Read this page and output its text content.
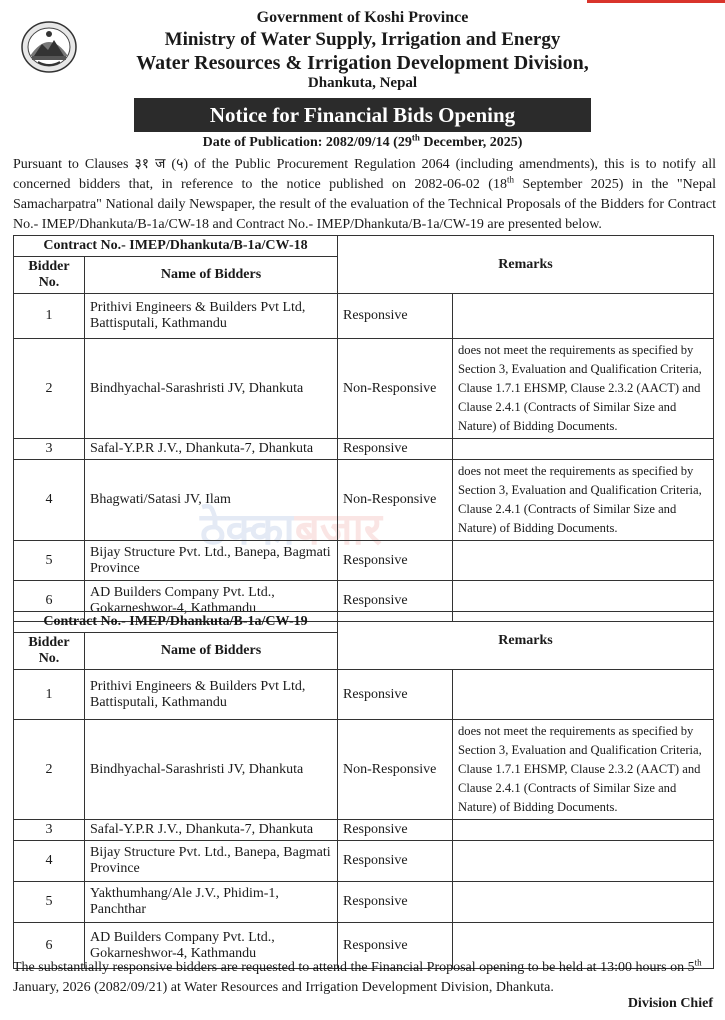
Government of Koshi Province
Ministry of Water Supply, Irrigation and Energy
Water Resources & Irrigation Development Division,
Dhankuta, Nepal
Notice for Financial Bids Opening
Date of Publication: 2082/09/14 (29th December, 2025)
Pursuant to Clauses ३१ ज (५) of the Public Procurement Regulation 2064 (including amendments), this is to notify all concerned bidders that, in reference to the notice published on 2082-06-02 (18th September 2025) in the "Nepal Samacharpatra" National daily Newspaper, the result of the evaluation of the Technical Proposals of the Bidders for Contract No.- IMEP/Dhankuta/B-1a/CW-18 and Contract No.- IMEP/Dhankuta/B-1a/CW-19 are presented below.
ठेक्काबजार
Contract No.- IMEP/Dhankuta/B-1a/CW-18		Remarks	
Bidder No.	Name of Bidders		
1	Prithivi Engineers & Builders Pvt Ltd, Battisputali, Kathmandu	Responsive	
2	Bindhyachal-Sarashristi JV, Dhankuta	Non-Responsive	does not meet the requirements as specified by Section 3, Evaluation and Qualification Criteria, Clause 1.7.1 EHSMP, Clause 2.3.2 (AACT) and Clause 2.4.1 (Contracts of Similar Size and Nature) of Bidding Documents.
3	Safal-Y.P.R J.V., Dhankuta-7, Dhankuta	Responsive	
4	Bhagwati/Satasi JV, Ilam	Non-Responsive	does not meet the requirements as specified by Section 3, Evaluation and Qualification Criteria, Clause 2.4.1 (Contracts of Similar Size and Nature) of Bidding Documents.
5	Bijay Structure Pvt. Ltd., Banepa, Bagmati Province	Responsive	
6	AD Builders Company Pvt. Ltd., Gokarneshwor-4, Kathmandu	Responsive	
Contract No.- IMEP/Dhankuta/B-1a/CW-19		Remarks	
Bidder No.	Name of Bidders		
1	Prithivi Engineers & Builders Pvt Ltd, Battisputali, Kathmandu	Responsive	
2	Bindhyachal-Sarashristi JV, Dhankuta	Non-Responsive	does not meet the requirements as specified by Section 3, Evaluation and Qualification Criteria, Clause 1.7.1 EHSMP, Clause 2.3.2 (AACT) and Clause 2.4.1 (Contracts of Similar Size and Nature) of Bidding Documents.
3	Safal-Y.P.R J.V., Dhankuta-7, Dhankuta	Responsive	
4	Bijay Structure Pvt. Ltd., Banepa, Bagmati Province	Responsive	
5	Yakthumhang/Ale J.V., Phidim-1, Panchthar	Responsive	
6	AD Builders Company Pvt. Ltd., Gokarneshwor-4, Kathmandu	Responsive	
The substantially responsive bidders are requested to attend the Financial Proposal opening to be held at 13:00 hours on 5th January, 2026 (2082/09/21) at Water Resources and Irrigation Development Division, Dhankuta.
Division Chief
